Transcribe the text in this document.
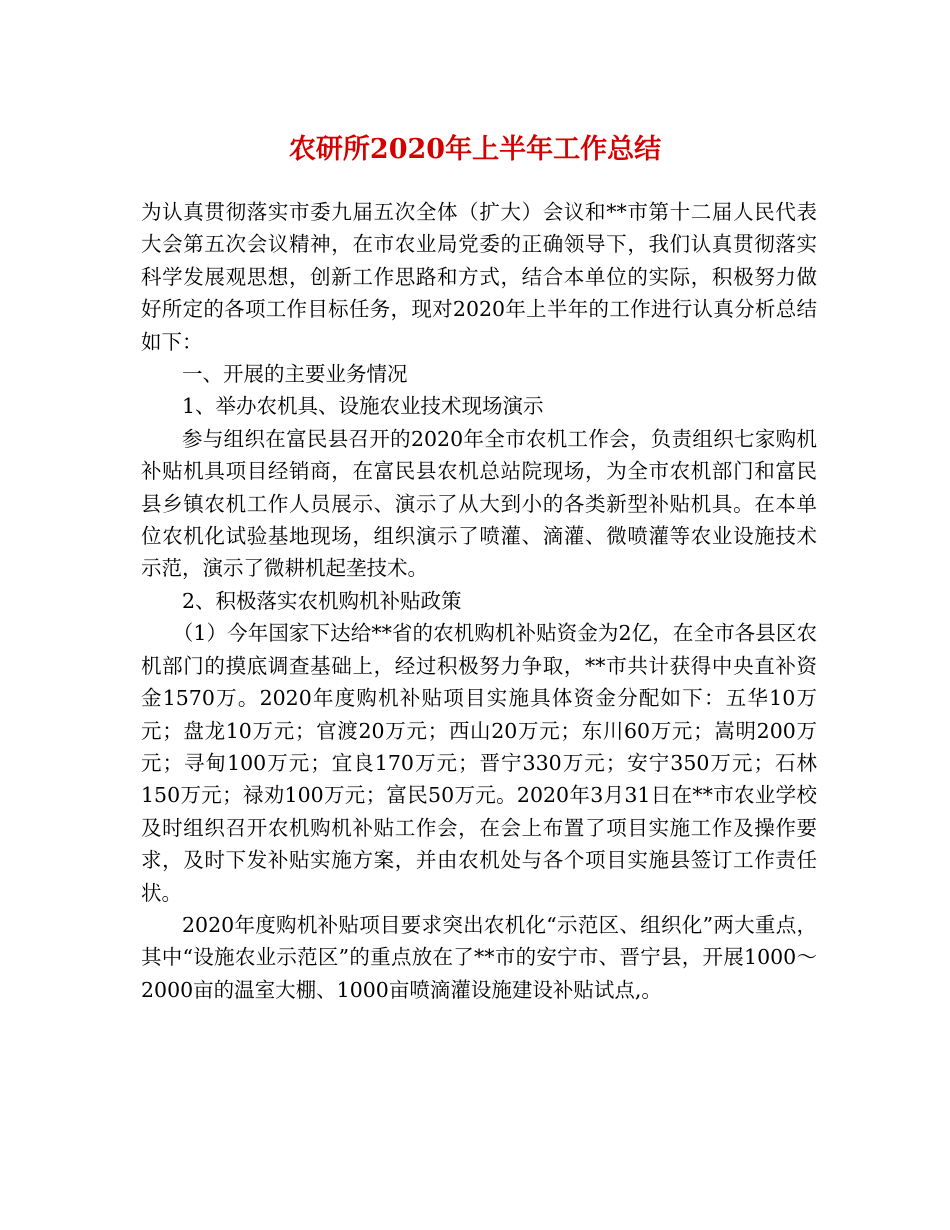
农研所2020年上半年工作总结

为认真贯彻落实市委九届五次全体（扩大）会议和**市第十二届人民代表大会第五次会议精神，在市农业局党委的正确领导下，我们认真贯彻落实科学发展观思想，创新工作思路和方式，结合本单位的实际，积极努力做好所定的各项工作目标任务，现对2020年上半年的工作进行认真分析总结如下：

一、开展的主要业务情况

1、举办农机具、设施农业技术现场演示

参与组织在富民县召开的2020年全市农机工作会，负责组织七家购机补贴机具项目经销商，在富民县农机总站院现场，为全市农机部门和富民县乡镇农机工作人员展示、演示了从大到小的各类新型补贴机具。在本单位农机化试验基地现场，组织演示了喷灌、滴灌、微喷灌等农业设施技术示范，演示了微耕机起垄技术。

2、积极落实农机购机补贴政策

（1）今年国家下达给**省的农机购机补贴资金为2亿，在全市各县区农机部门的摸底调查基础上，经过积极努力争取，**市共计获得中央直补资金1570万。2020年度购机补贴项目实施具体资金分配如下：五华10万元；盘龙10万元；官渡20万元；西山20万元；东川60万元；嵩明200万元；寻甸100万元；宜良170万元；晋宁330万元；安宁350万元；石林150万元；禄劝100万元；富民50万元。2020年3月31日在**市农业学校及时组织召开农机购机补贴工作会，在会上布置了项目实施工作及操作要求，及时下发补贴实施方案，并由农机处与各个项目实施县签订工作责任状。

2020年度购机补贴项目要求突出农机化“示范区、组织化”两大重点，其中“设施农业示范区”的重点放在了**市的安宁市、晋宁县，开展1000～2000亩的温室大棚、1000亩喷滴灌设施建设补贴试点,。
